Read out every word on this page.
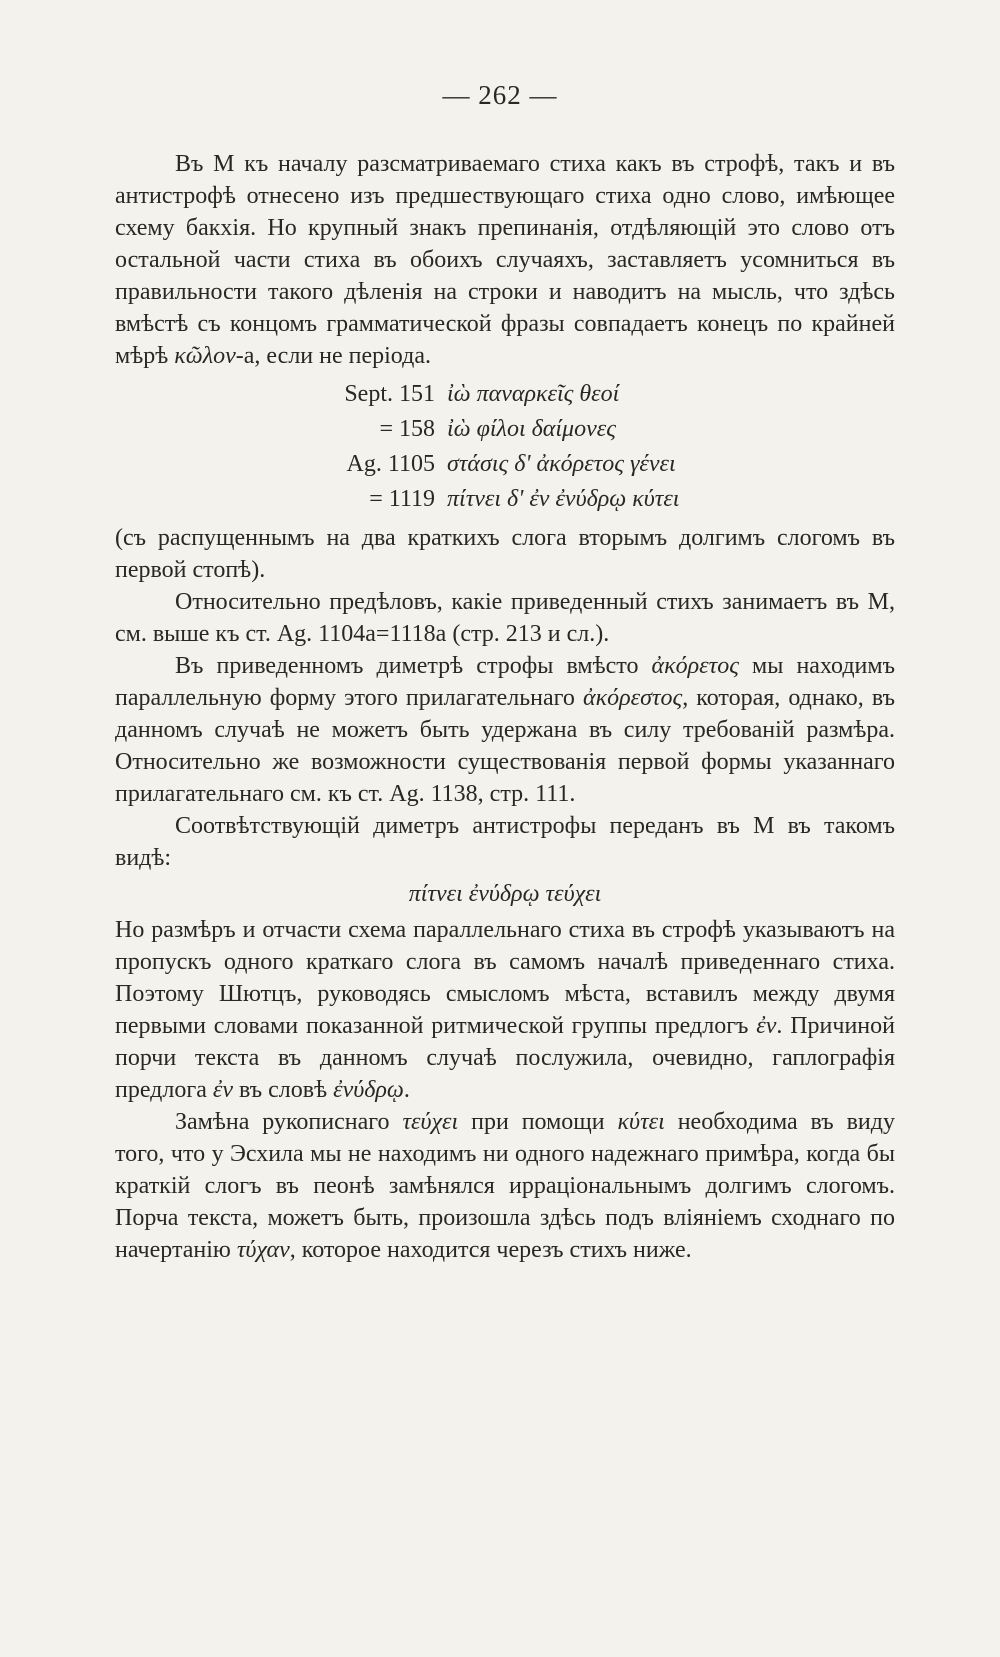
— 262 —

Въ М къ началу разсматриваемаго стиха какъ въ строфѣ, такъ и въ антистрофѣ отнесено изъ предшествующаго стиха одно слово, имѣющее схему бакхія. Но крупный знакъ препинанія, отдѣляющій это слово отъ остальной части стиха въ обоихъ случаяхъ, заставляетъ усомниться въ правильности такого дѣленія на строки и наводитъ на мысль, что здѣсь вмѣстѣ съ концомъ грамматической фразы совпадаетъ конецъ по крайней мѣрѣ κῶλον-а, если не періода.

Sept. 151 ἰὼ παναρκεῖς θεοί
= 158 ἰὼ φίλοι δαίμονες
Ag. 1105 στάσις δ' ἀκόρετος γένει
= 1119 πίτνει δ' ἐν ἐνύδρῳ κύτει

(съ распущеннымъ на два краткихъ слога вторымъ долгимъ слогомъ въ первой стопѣ).

Относительно предѣловъ, какіе приведенный стихъ занимаетъ въ М, см. выше къ ст. Ag. 1104a=1118a (стр. 213 и сл.).

Въ приведенномъ диметрѣ строфы вмѣсто ἀκόρετος мы находимъ параллельную форму этого прилагательнаго ἀκόρεστος, которая, однако, въ данномъ случаѣ не можетъ быть удержана въ силу требованій размѣра. Относительно же возможности существованія первой формы указаннаго прилагательнаго см. къ ст. Ag. 1138, стр. 111.

Соотвѣтствующій диметръ антистрофы переданъ въ М въ такомъ видѣ:

πίτνει ἐνύδρῳ τεύχει

Но размѣръ и отчасти схема параллельнаго стиха въ строфѣ указываютъ на пропускъ одного краткаго слога въ самомъ началѣ приведеннаго стиха. Поэтому Шютцъ, руководясь смысломъ мѣста, вставилъ между двумя первыми словами показанной ритмической группы предлогъ ἐν. Причиной порчи текста въ данномъ случаѣ послужила, очевидно, гаплографія предлога ἐν въ словѣ ἐνύδρῳ.

Замѣна рукописнаго τεύχει при помощи κύτει необходима въ виду того, что у Эсхила мы не находимъ ни одного надежнаго примѣра, когда бы краткій слогъ въ пеонѣ замѣнялся ирраціональнымъ долгимъ слогомъ. Порча текста, можетъ быть, произошла здѣсь подъ вліяніемъ сходнаго по начертанію τύχαν, которое находится черезъ стихъ ниже.
